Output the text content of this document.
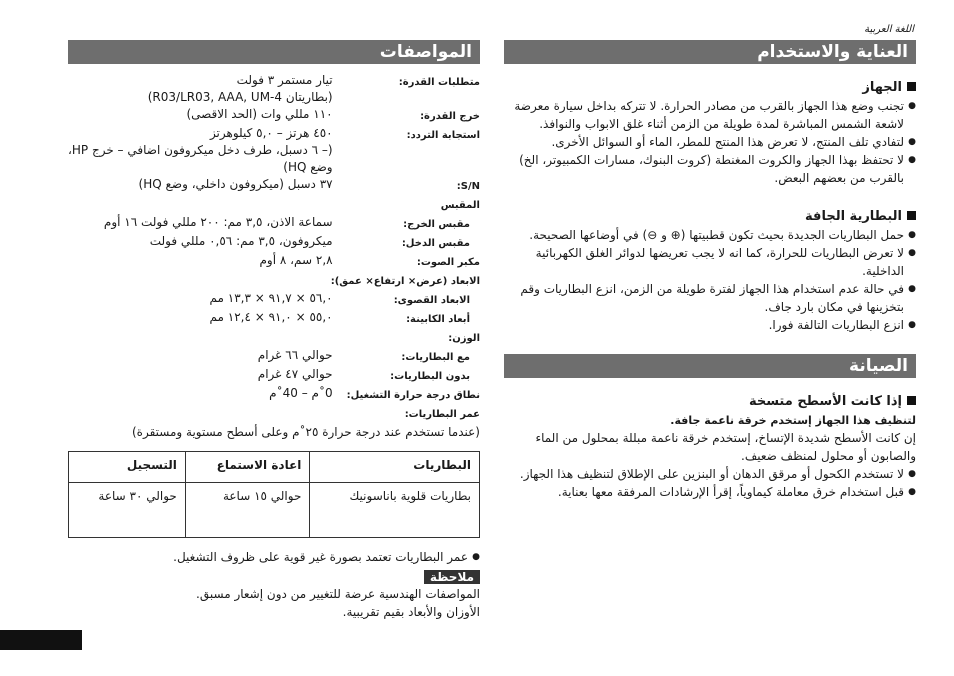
اللغة العربية
العناية والاستخدام
الجهاز
● تجنب وضع هذا الجهاز بالقرب من مصادر الحرارة. لا تتركه بداخل سيارة معرضة لاشعة الشمس المباشرة لمدة طويلة من الزمن أثناء غلق الابواب والنوافذ.
● لتفادي تلف المنتج، لا تعرض هذا المنتج للمطر، الماء أو السوائل الأخرى.
● لا تحتفظ بهذا الجهاز والكروت المغنطة (كروت البنوك، مسارات الكمبيوتر، الخ) بالقرب من بعضهم البعض.
البطارية الجافة
● حمل البطاريات الجديدة بحيث تكون قطبيتها (⊕ و ⊖) في أوضاعها الصحيحة.
● لا تعرض البطاريات للحرارة، كما انه لا يجب تعريضها لدوائر الغلق الكهربائية الداخلية.
● في حالة عدم استخدام هذا الجهاز لفترة طويلة من الزمن، انزع البطاريات وقم بتخزينها في مكان بارد جاف.
● انزع البطاريات التالفة فورا.
الصيانة
إذا كانت الأسطح متسخة
لتنظيف هذا الجهاز إستخدم خرقة ناعمة جافة.

إن كانت الأسطح شديدة الإتساخ، إستخدم خرقة ناعمة مبللة بمحلول من الماء والصابون أو محلول لمنظف ضعيف.

● لا تستخدم الكحول أو مرقق الدهان أو البنزين على الإطلاق لتنظيف هذا الجهاز.
● قبل استخدام خرق معاملة كيماوياً، إقرأ الإرشادات المرفقة معها بعناية.
المواصفات
متطلبات القدرة:	تيار مستمر ٣ فولت
(بطاريتان R03/LR03, AAA, UM-4)

خرج القدرة:	١١٠ مللي وات (الحد الاقصى)
استجابة التردد:	٤٥٠ هرتز – ٥,٠ كيلوهرتز
(– ٦ دسبل، طرف دخل ميكروفون اضافي – خرج HP، وضع HQ)

S/N:	٣٧ دسبل (ميكروفون داخلي، وضع HQ)
المقبس	
مقبس الخرج:	سماعة الاذن، ٣,٥ مم: ٢٠٠ مللي فولت ١٦ أوم
مقبس الدخل:	ميكروفون، ٣,٥ مم: ٠,٥٦ مللي فولت
مكبر الصوت:	٢,٨ سم، ٨ أوم
الابعاد (عرض× ارتفاع× عمق):	
الابعاد القصوى:	٥٦,٠ × ٩١,٧ × ١٣,٣ مم
أبعاد الكابينة:	٥٥,٠ × ٩١,٠ × ١٢,٤ مم
الوزن:	
مع البطاريات:	حوالي ٦٦ غرام
بدون البطاريات:	حوالي ٤٧ غرام
نطاق درجة حرارة التشغيل:	0˚م – 40˚م
عمر البطاريات:	
(عندما تستخدم عند درجة حرارة ٢٥˚م وعلى أسطح مستوية ومستقرة)
البطاريات	اعادة الاستماع	التسجيل
بطاريات قلوية باناسونيك	حوالي ١٥ ساعة	حوالي ٣٠ ساعة
● عمر البطاريات تعتمد بصورة غير قوية على ظروف التشغيل.
ملاحظة

المواصفات الهندسية عرضة للتغيير من دون إشعار مسبق.

الأوزان والأبعاد بقيم تقريبية.
